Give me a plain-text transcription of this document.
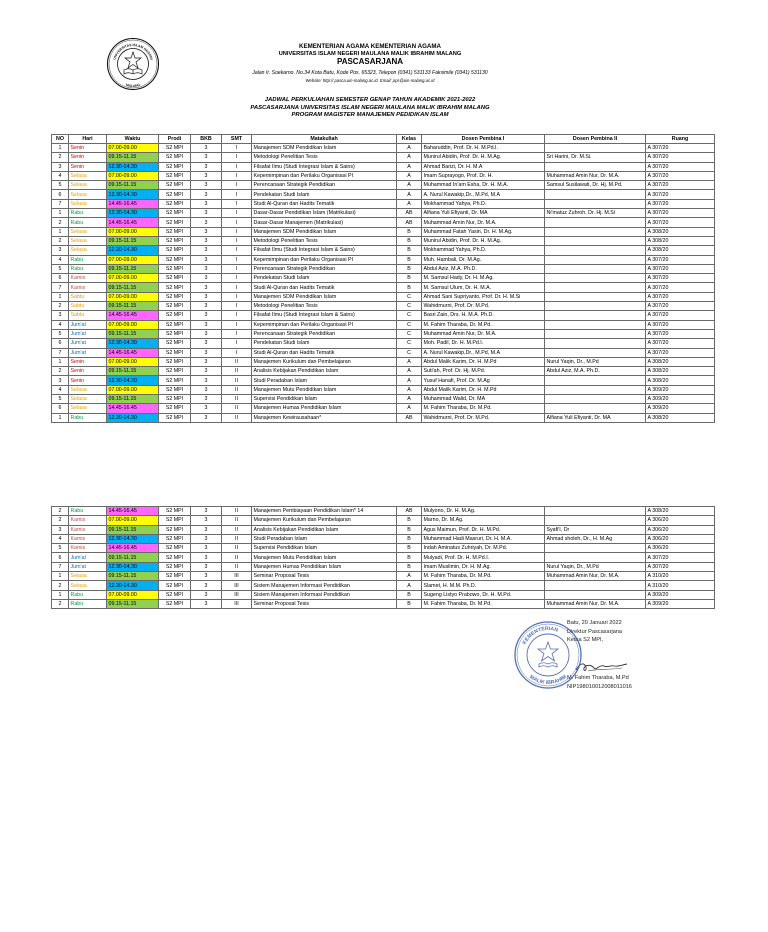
UNIVERSITAS ISLAM NEGERI
MALANG
KEMENTERIAN AGAMA KEMENTERIAN AGAMA
UNIVERSITAS ISLAM NEGERI MAULANA MALIK IBRAHIM MALANG
PASCASARJANA
Jalan Ir. Soekarno. No.34 Kota Batu, Kode Pos. 65323, Telepon (0341) 531133 Faksimile (0341) 531130
Website: http:// pasca.uin-malang.ac.id. Email: pps@uin-malang.ac.id
JADWAL PERKULIAHAN SEMESTER GENAP TAHUN AKADEMIK 2021-2022
PASCASARJANA UNIVERSITAS ISLAM NEGERI MAULANA MALIK IBRAHIM MALANG
PROGRAM MAGISTER MANAJEMEN PEDIDIKAN ISLAM
NO	Hari	Waktu	Prodi	BKB	SMT	Matakuliah	Kelas	Dosen Pembina I	Dosen Pembina II	Ruang
1	Senin	07.00-09.00	S2 MPI	3	I	Manajemen SDM Pendidikan Islam	A	Baharuddin, Prof. Dr. H. M.Pd.I.		A 307/20
2	Senin	09.15-11.15	S2 MPI	3	I	Metodologi Penelitian Tesis	A	Munirul Abidin, Prof. Dr. H. M.Ag.	Sri Harini, Dr. M.Si.	A 307/20
3	Senin	12.30-14.30	S2 MPI	3	I	Filsafat Ilmu (Studi Integrasi Islam & Sains)	A	Ahmad Barizi, Dr. H. M.A		A 307/20
4	Selasa	07.00-09.00	S2 MPI	3	I	Kepemimpinan dan Perilaku Organisasi PI	A	Imam Suprayogo, Prof. Dr. H.	Muhammad Amin Nur, Dr. M.A.	A 307/20
5	Selasa	09.15-11.15	S2 MPI	3	I	Perencanaan Strategik Pendidikan	A	Muhammad In'am Esha, Dr. H. M.A.	Samsul Susilawati, Dr. Hj. M.Pd.	A 307/20
6	Selasa	12.30-14.30	S2 MPI	3	I	Pendekatan Studi Islam	A	A. Nurul Kawakip,Dr., M.Pd, M.A		A 307/20
7	Selasa	14.45-16.45	S2 MPI	3	I	Studi Al-Quran dan Hadits Tematik	A	Mokhammad Yahya, Ph.D.		A 307/20
1	Rabu	12.30-14.30	S2 MPI	3	I	Dasar-Dasar Pendidikan Islam (Matrikulasi)	AB	Alfiana Yuli Efiyanti, Dr. MA	Ni'matuz Zuhroh, Dr. Hj. M.Si	A 307/20
2	Rabu	14.45-16.45	S2 MPI	3	I	Dasar-Dasar Manajemen (Matrikulasi)	AB	Muhammad Amin Nur, Dr. M.A.		A 307/20
1	Selasa	07.00-09.00	S2 MPI	3	I	Manajemen SDM Pendidikan Islam	B	Muhammad Fatah Yasin, Dr. H. M.Ag.		A 308/20
2	Selasa	09.15-11.15	S2 MPI	3	I	Metodologi Penelitian Tesis	B	Munirul Abidin, Prof. Dr. H. M.Ag.		A 308/20
3	Selasa	12.30-14.30	S2 MPI	3	I	Filsafat Ilmu (Studi Integrasi Islam & Sains)	B	Mokhammad Yahya, Ph.D.		A 308/20
4	Rabu	07.00-09.00	S2 MPI	3	I	Kepemimpinan dan Perilaku Organisasi PI	B	Muh. Hambali, Dr. M.Ag.		A 307/20
5	Rabu	09.15-11.15	S2 MPI	3	I	Perencanaan Strategik Pendidikan	B	Abdul Aziz, M.A. Ph.D.		A 307/20
6	Kamis	07.00-09.00	S2 MPI	3	I	Pendekatan Studi Islam	B	M. Samsul Hady, Dr. H. M.Ag.		A 307/20
7	Kamis	09.15-11.15	S2 MPI	3	I	Studi Al-Quran dan Hadits Tematik	B	M. Samsul Ulum, Dr. H. M.A.		A 307/20
1	Sabtu	07.00-09.00	S2 MPI	3	I	Manajemen SDM Pendidikan Islam	C	Ahmad Sani Supriyanto, Prof. Dr. H. M.Si		A 307/20
2	Sabtu	09.15-11.15	S2 MPI	3	I	Metodologi Penelitian Tesis	C	Wahidmurni, Prof. Dr. M.Pd.		A 307/20
3	Sabtu	14.45-16.45	S2 MPI	3	I	Filsafat Ilmu (Studi Integrasi Islam & Sains)	C	Basri Zain, Drs. H. M.A. Ph.D.		A 307/20
4	Jum'at	07.00-09.00	S2 MPI	3	I	Kepemimpinan dan Perilaku Organisasi PI	C	M. Fahim Tharaba, Dr. M.Pd.		A 307/20
5	Jum'at	09.15-11.15	S2 MPI	3	I	Perencanaan Strategik Pendidikan	C	Muhammad Amin Nur, Dr. M.A.		A 307/20
6	Jum'at	12.30-14.30	S2 MPI	3	I	Pendekatan Studi Islam	C	Moh. Padil, Dr. H. M.Pd.I.		A 307/20
7	Jum'at	14.45-16.45	S2 MPI	3	I	Studi Al-Quran dan Hadits Tematik	C	A. Nurul Kawakip,Dr., M.Pd, M.A		A 307/20
1	Senin	07.00-09.00	S2 MPI	3	II	Manajemen Kurikulum dan Pembelajaran	A	Abdul Malik Karim, Dr. H. M.Pd	Nurul Yaqin, Dr., M.Pd	A 308/20
2	Senin	09.15-11.15	S2 MPI	3	II	Analisis Kebijakan Pendidikan Islam	A	Suti'ah, Prof. Dr. Hj. M.Pd.	Abdul Aziz, M.A. Ph.D.	A 308/20
3	Senin	12.30-14.30	S2 MPI	3	II	Studi Peradaban Islam	A	Yusuf Hanafi, Prof. Dr. M.Ag		A 308/20
4	Selasa	07.00-09.00	S2 MPI	3	II	Manajemen Mutu Pendidikan Islam	A	Abdul Malik Karim, Dr. H. M.Pd		A 309/20
5	Selasa	09.15-11.15	S2 MPI	3	II	Supervisi Pendidikan Islam	A	Muhammad Walid, Dr. MA		A 309/20
6	Selasa	14.45-16.45	S2 MPI	3	II	Manajemen Humas Pendidikan Islam	A	M. Fahim Tharaba, Dr. M.Pd.		A 309/20
1	Rabu	12.30-14.30	S2 MPI	3	II	Manajemen Kewirausahaan*	AB	Wahidmurni, Prof. Dr. M.Pd.	Alfiana Yuli Efiyanti, Dr. MA	A 308/20
2	Rabu	14.45-16.45	S2 MPI	3	II	Manajemen Pembiayaan Pendidikan Islam* 14	AB	Mulyono, Dr. H. M.Ag.		A 308/20
2	Kamis	07.00-09.00	S2 MPI	3	II	Manajemen Kurikulum dan Pembelajaran	B	Marno, Dr. M.Ag.		A 306/20
3	Kamis	09.15-11.15	S2 MPI	3	II	Analisis Kebijakan Pendidikan Islam	B	Agus Maimun, Prof. Dr. H. M.Pd.	Syafi'I, Dr	A 306/20
4	Kamis	12.30-14.30	S2 MPI	3	II	Studi Peradaban Islam	B	Muhammad Hadi Masruri, Dr. H. M.A.	Ahmad sholeh, Dr., H. M.Ag	A 306/20
5	Kamis	14.45-16.45	S2 MPI	3	II	Supervisi Pendidikan Islam	B	Indah Aminatus Zuhriyah, Dr. M.Pd.		A 306/20
6	Jum'at	09.15-11.15	S2 MPI	3	II	Manajemen Mutu Pendidikan Islam	B	Mulyadi, Prof. Dr. H. M.Pd.I.		A 307/20
7	Jum'at	12.30-14.30	S2 MPI	3	II	Manajemen Humas Pendidikan Islam	B	Imam Muslimin, Dr. H. M.Ag.	Nurul Yaqin, Dr., M.Pd	A 307/20
1	Selasa	09.15-11.15	S2 MPI	3	III	Seminar Proposal Tesis	A	M. Fahim Tharaba, Dr. M.Pd.	Muhammad Amin Nur, Dr. M.A.	A 310/20
2	Selasa	12.30-14.30	S2 MPI	3	III	Sistem Manajemen Informasi Pendidikan	A	Slamet, H. M.M. Ph.D.		A 310/20
1	Rabu	07.00-09.00	S2 MPI	3	III	Sistem Manajemen Informasi Pendidikan	B	Sugeng Listyo Prabowo, Dr. H. M.Pd.		A 309/20
2	Rabu	09.15-11.15	S2 MPI	3	III	Seminar Proposal Tesis	B	M. Fahim Tharaba, Dr. M.Pd.	Muhammad Amin Nur, Dr. M.A.	A 309/20
Batu, 20 Januari 2022
Direktur Pascasarjana
Ketua S2 MPI,
M. Fahim Tharaba, M.Pd
NIP198010012008011016
KEMENTERIAN
MALIK IBRAHIM
